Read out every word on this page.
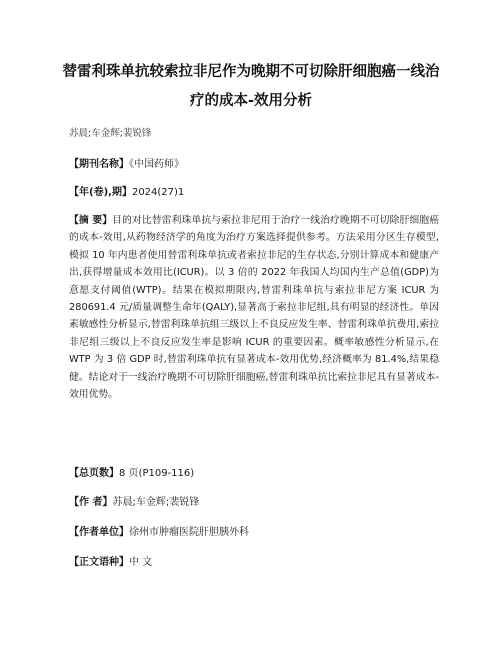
替雷利珠单抗较索拉非尼作为晚期不可切除肝细胞癌一线治疗的成本-效用分析
苏晨;车金辉;裴锐锋
【期刊名称】《中国药师》
【年(卷),期】2024(27)1
【摘 要】目的对比替雷利珠单抗与索拉非尼用于治疗一线治疗晚期不可切除肝细胞癌的成本-效用,从药物经济学的角度为治疗方案选择提供参考。方法采用分区生存模型,模拟 10 年内患者使用替雷利珠单抗或者索拉非尼的生存状态,分别计算成本和健康产出,获得增量成本效用比(ICUR)。以 3 倍的 2022 年我国人均国内生产总值(GDP)为意愿支付阈值(WTP)。结果在模拟期限内,替雷利珠单抗与索拉非尼方案 ICUR 为 280691.4 元/质量调整生命年(QALY),显著高于索拉非尼组,具有明显的经济性。单因素敏感性分析显示,替雷利珠单抗组三级以上不良反应发生率、替雷利珠单抗费用,索拉非尼组三级以上不良反应发生率是影响 ICUR 的重要因素。概率敏感性分析显示,在 WTP 为 3 倍 GDP 时,替雷利珠单抗有显著成本-效用优势,经济概率为 81.4%,结果稳健。结论对于一线治疗晚期不可切除肝细胞癌,替雷利珠单抗比索拉非尼具有显著成本-效用优势。
【总页数】8 页(P109-116)
【作 者】苏晨;车金辉;裴锐锋
【作者单位】徐州市肿瘤医院肝胆胰外科
【正文语种】中 文
